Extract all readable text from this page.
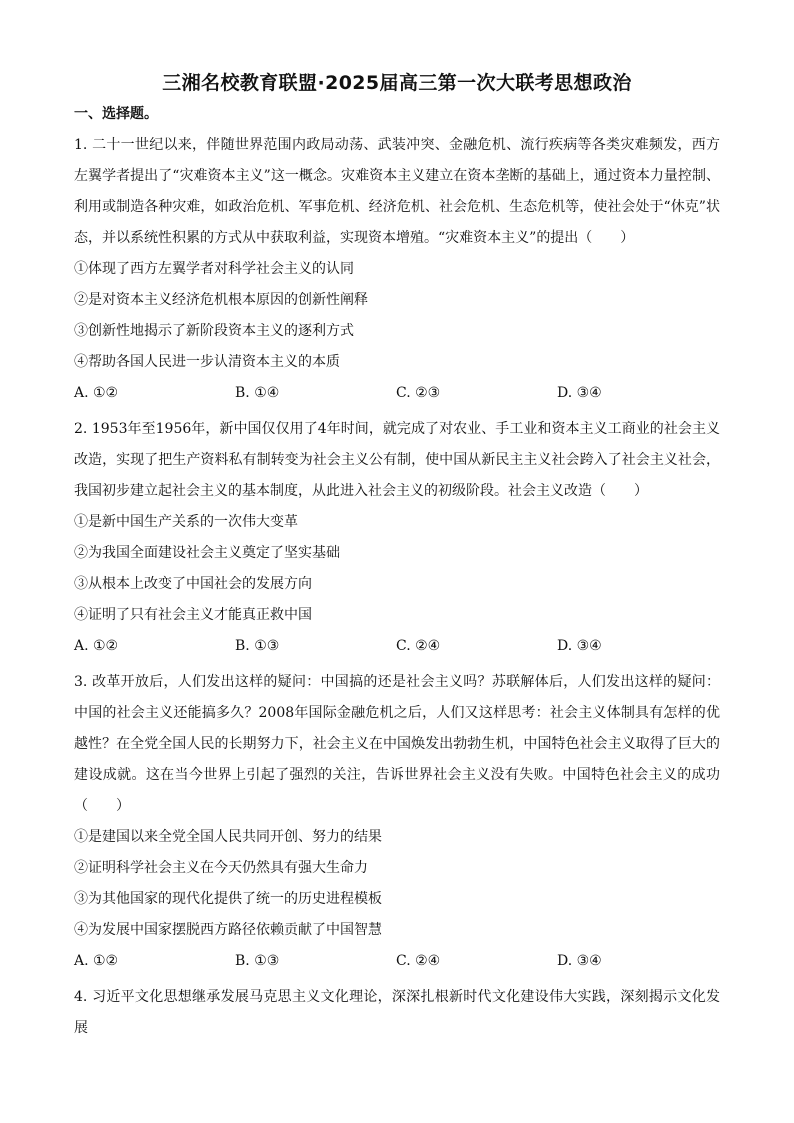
三湘名校教育联盟·2025届高三第一次大联考思想政治
一、选择题。

1. 二十一世纪以来，伴随世界范围内政局动荡、武装冲突、金融危机、流行疾病等各类灾难频发，西方左翼学者提出了“灾难资本主义”这一概念。灾难资本主义建立在资本垄断的基础上，通过资本力量控制、利用或制造各种灾难，如政治危机、军事危机、经济危机、社会危机、生态危机等，使社会处于“休克”状态，并以系统性积累的方式从中获取利益，实现资本增殖。“灾难资本主义”的提出（　　）

①体现了西方左翼学者对科学社会主义的认同

②是对资本主义经济危机根本原因的创新性阐释

③创新性地揭示了新阶段资本主义的逐利方式

④帮助各国人民进一步认清资本主义的本质

A. ①②	B. ①④	C. ②③	D. ③④

2. 1953年至1956年，新中国仅仅用了4年时间，就完成了对农业、手工业和资本主义工商业的社会主义改造，实现了把生产资料私有制转变为社会主义公有制，使中国从新民主主义社会跨入了社会主义社会，我国初步建立起社会主义的基本制度，从此进入社会主义的初级阶段。社会主义改造（　　）

①是新中国生产关系的一次伟大变革

②为我国全面建设社会主义奠定了坚实基础

③从根本上改变了中国社会的发展方向

④证明了只有社会主义才能真正救中国

A. ①②	B. ①③	C. ②④	D. ③④

3. 改革开放后，人们发出这样的疑问：中国搞的还是社会主义吗？苏联解体后，人们发出这样的疑问：中国的社会主义还能搞多久？2008年国际金融危机之后，人们又这样思考：社会主义体制具有怎样的优越性？在全党全国人民的长期努力下，社会主义在中国焕发出勃勃生机，中国特色社会主义取得了巨大的建设成就。这在当今世界上引起了强烈的关注，告诉世界社会主义没有失败。中国特色社会主义的成功（　　）

①是建国以来全党全国人民共同开创、努力的结果

②证明科学社会主义在今天仍然具有强大生命力

③为其他国家的现代化提供了统一的历史进程模板

④为发展中国家摆脱西方路径依赖贡献了中国智慧

A. ①②	B. ①③	C. ②④	D. ③④

4. 习近平文化思想继承发展马克思主义文化理论，深深扎根新时代文化建设伟大实践，深刻揭示文化发展
